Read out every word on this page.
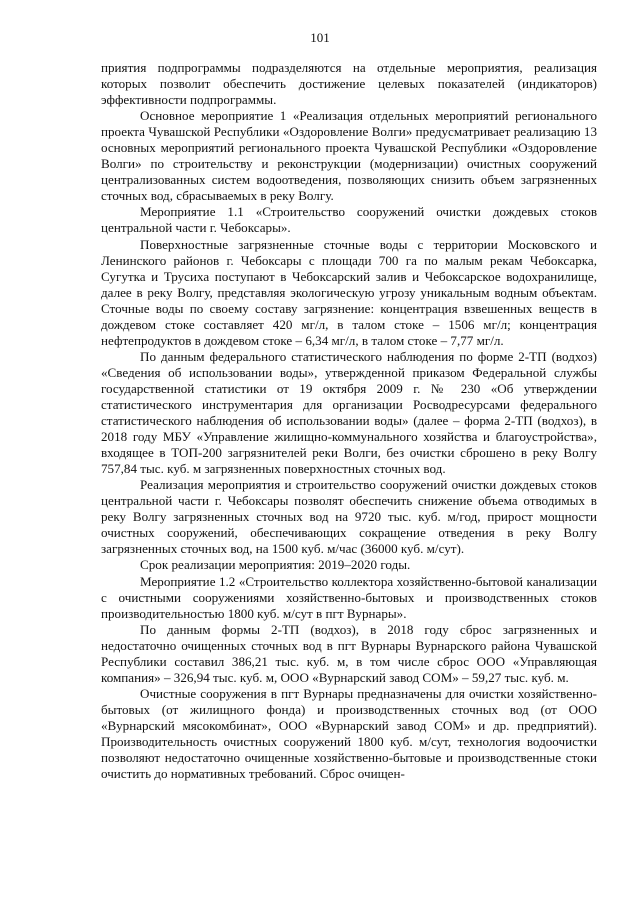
101

приятия подпрограммы подразделяются на отдельные мероприятия, реализация которых позволит обеспечить достижение целевых показателей (индикаторов) эффективности подпрограммы.

Основное мероприятие 1 «Реализация отдельных мероприятий регионального проекта Чувашской Республики «Оздоровление Волги» предусматривает реализацию 13 основных мероприятий регионального проекта Чувашской Республики «Оздоровление Волги» по строительству и реконструкции (модернизации) очистных сооружений централизованных систем водоотведения, позволяющих снизить объем загрязненных сточных вод, сбрасываемых в реку Волгу.

Мероприятие 1.1 «Строительство сооружений очистки дождевых стоков центральной части г. Чебоксары».

Поверхностные загрязненные сточные воды с территории Московского и Ленинского районов г. Чебоксары с площади 700 га по малым рекам Чебоксарка, Сугутка и Трусиха поступают в Чебоксарский залив и Чебоксарское водохранилище, далее в реку Волгу, представляя экологическую угрозу уникальным водным объектам. Сточные воды по своему составу загрязнение: концентрация взвешенных веществ в дождевом стоке составляет 420 мг/л, в талом стоке – 1506 мг/л; концентрация нефтепродуктов в дождевом стоке – 6,34 мг/л, в талом стоке – 7,77 мг/л.

По данным федерального статистического наблюдения по форме 2-ТП (водхоз) «Сведения об использовании воды», утвержденной приказом Федеральной службы государственной статистики от 19 октября 2009 г. № 230 «Об утверждении статистического инструментария для организации Росводресурсами федерального статистического наблюдения об использовании воды» (далее – форма 2-ТП (водхоз), в 2018 году МБУ «Управление жилищно-коммунального хозяйства и благоустройства», входящее в ТОП-200 загрязнителей реки Волги, без очистки сброшено в реку Волгу 757,84 тыс. куб. м загрязненных поверхностных сточных вод.

Реализация мероприятия и строительство сооружений очистки дождевых стоков центральной части г. Чебоксары позволят обеспечить снижение объема отводимых в реку Волгу загрязненных сточных вод на 9720 тыс. куб. м/год, прирост мощности очистных сооружений, обеспечивающих сокращение отведения в реку Волгу загрязненных сточных вод, на 1500 куб. м/час (36000 куб. м/сут).

Срок реализации мероприятия: 2019–2020 годы.

Мероприятие 1.2 «Строительство коллектора хозяйственно-бытовой канализации с очистными сооружениями хозяйственно-бытовых и производственных стоков производительностью 1800 куб. м/сут в пгт Вурнары».

По данным формы 2-ТП (водхоз), в 2018 году сброс загрязненных и недостаточно очищенных сточных вод в пгт Вурнары Вурнарского района Чувашской Республики составил 386,21 тыс. куб. м, в том числе сброс ООО «Управляющая компания» – 326,94 тыс. куб. м, ООО «Вурнарский завод СОМ» – 59,27 тыс. куб. м.

Очистные сооружения в пгт Вурнары предназначены для очистки хозяйственно-бытовых (от жилищного фонда) и производственных сточных вод (от ООО «Вурнарский мясокомбинат», ООО «Вурнарский завод СОМ» и др. предприятий). Производительность очистных сооружений 1800 куб. м/сут, технология водоочистки позволяют недостаточно очищенные хозяйственно-бытовые и производственные стоки очистить до нормативных требований. Сброс очищен-
